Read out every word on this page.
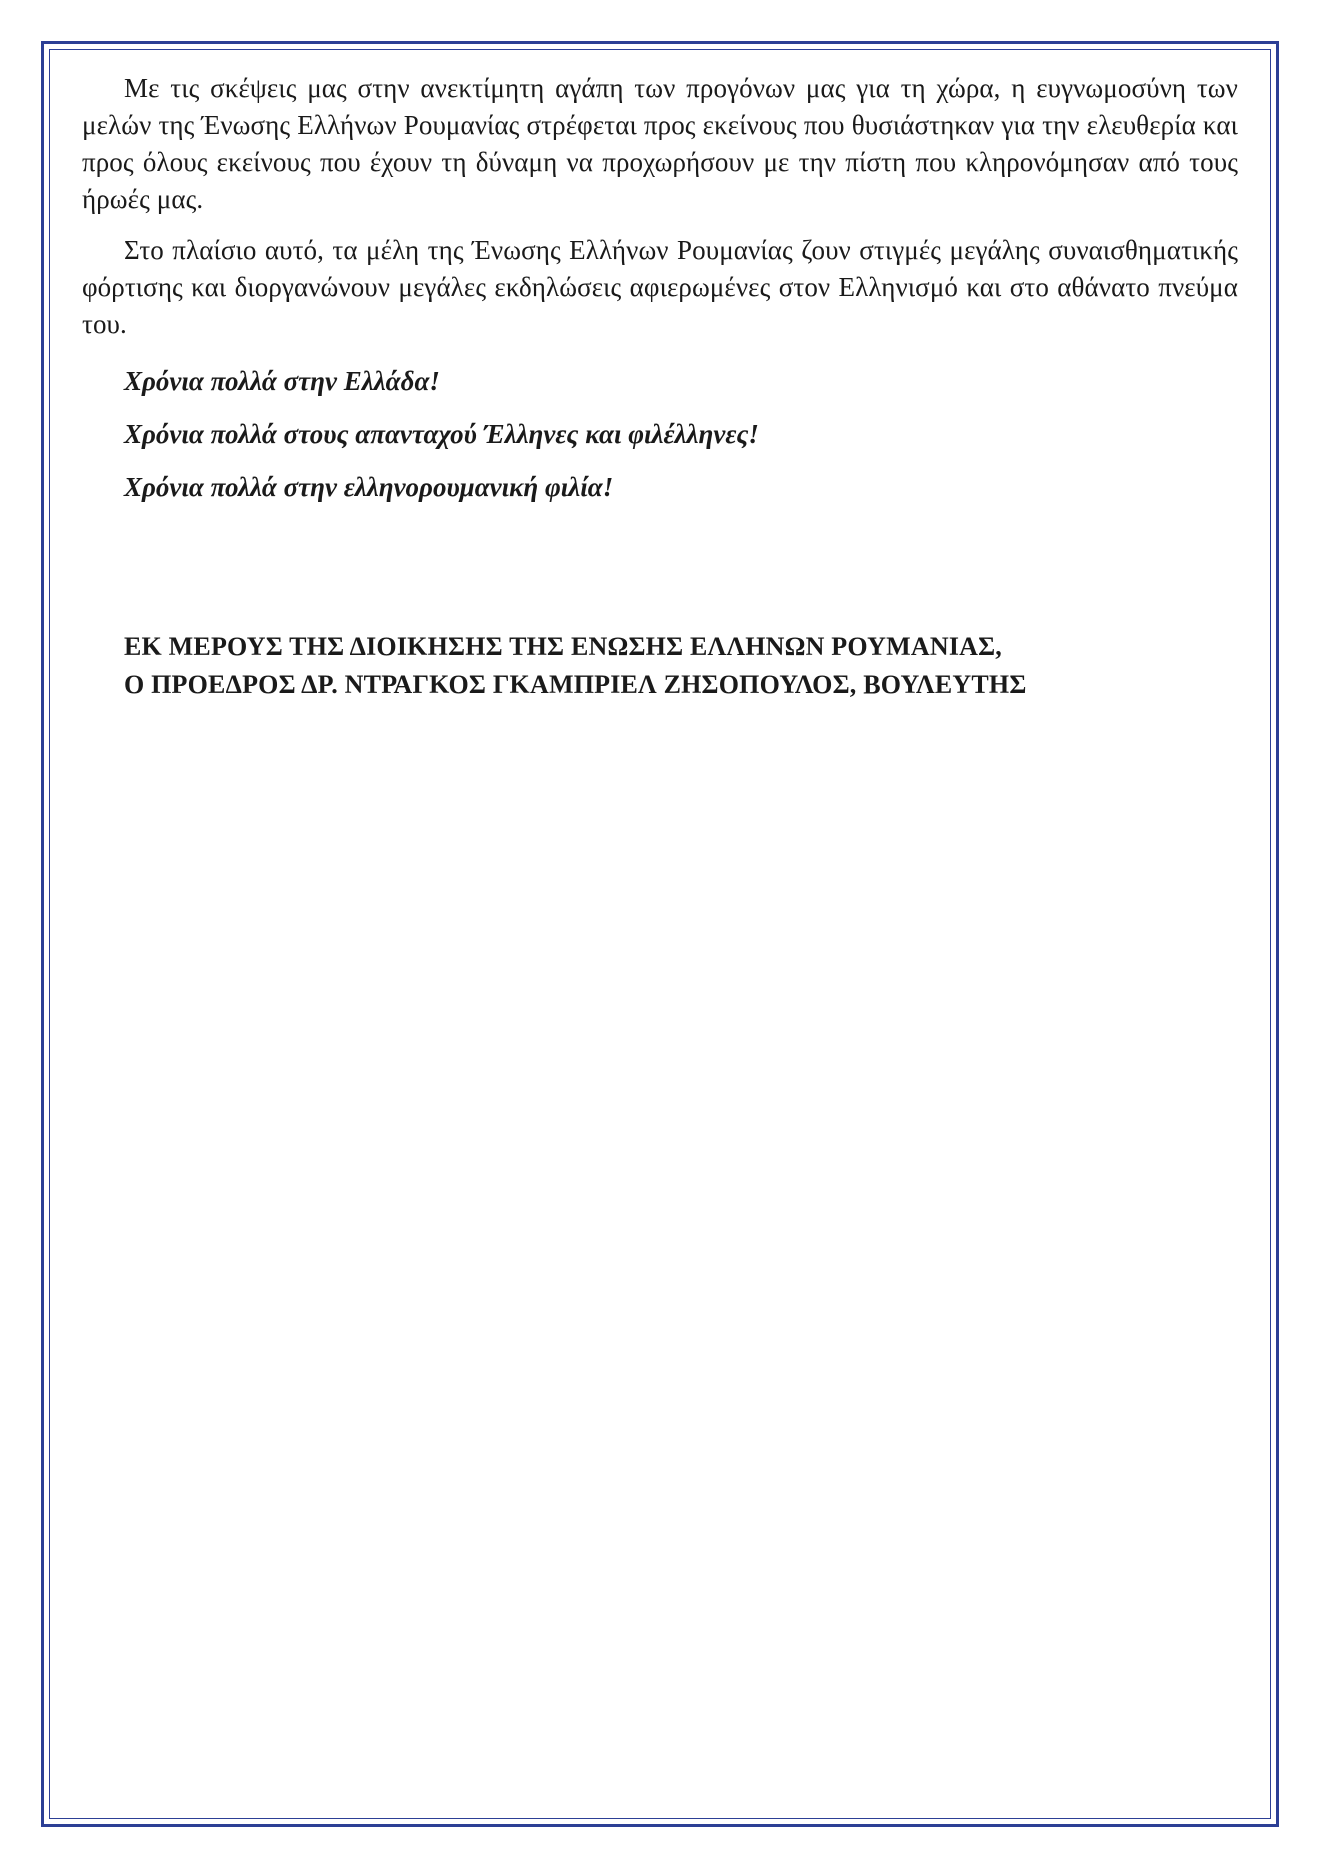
Με τις σκέψεις μας στην ανεκτίμητη αγάπη των προγόνων μας για τη χώρα, η ευγνωμοσύνη των μελών της Ένωσης Ελλήνων Ρουμανίας στρέφεται προς εκείνους που θυσιάστηκαν για την ελευθερία και προς όλους εκείνους που έχουν τη δύναμη να προχωρήσουν με την πίστη που κληρονόμησαν από τους ήρωές μας.

Στο πλαίσιο αυτό, τα μέλη της Ένωσης Ελλήνων Ρουμανίας ζουν στιγμές μεγάλης συναισθηματικής φόρτισης και διοργανώνουν μεγάλες εκδηλώσεις αφιερωμένες στον Ελληνισμό και στο αθάνατο πνεύμα του.

Χρόνια πολλά στην Ελλάδα!

Χρόνια πολλά στους απανταχού Έλληνες και φιλέλληνες!

Χρόνια πολλά στην ελληνορουμανική φιλία!

ΕΚ ΜΕΡΟΥΣ ΤΗΣ ΔΙΟΙΚΗΣΗΣ ΤΗΣ ΕΝΩΣΗΣ ΕΛΛΗΝΩΝ ΡΟΥΜΑΝΙΑΣ,
Ο ΠΡΟΕΔΡΟΣ ΔΡ. ΝΤΡΑΓΚΟΣ ΓΚΑΜΠΡΙΕΛ ΖΗΣΟΠΟΥΛΟΣ, ΒΟΥΛΕΥΤΗΣ
